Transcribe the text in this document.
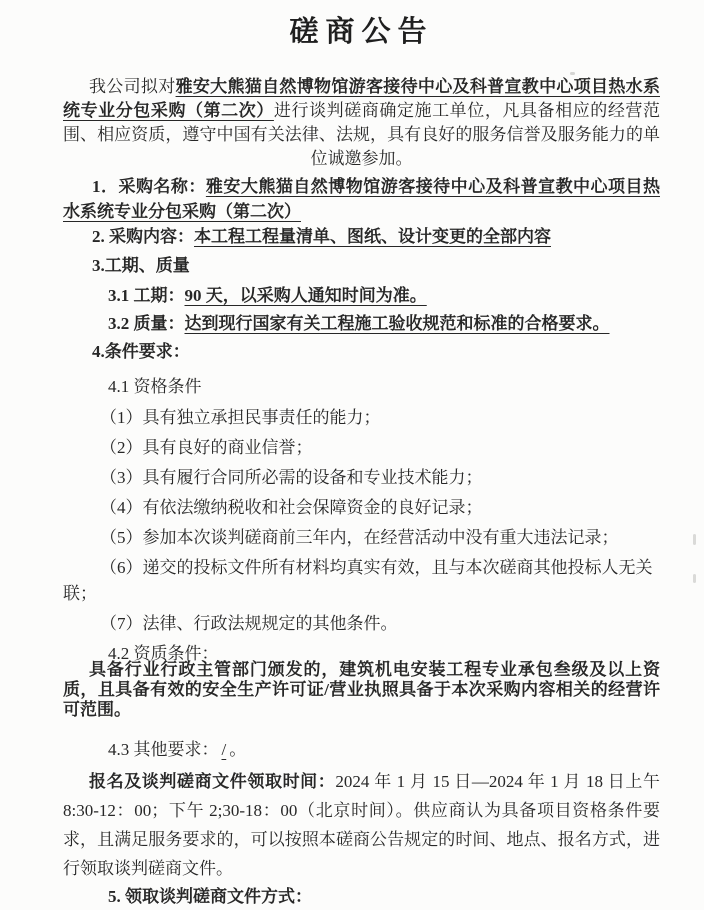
磋商公告
我公司拟对雅安大熊猫自然博物馆游客接待中心及科普宣教中心项目热水系统专业分包采购（第二次）进行谈判磋商确定施工单位，凡具备相应的经营范围、相应资质，遵守中国有关法律、法规，具有良好的服务信誉及服务能力的单位诚邀参加。
1．采购名称：雅安大熊猫自然博物馆游客接待中心及科普宣教中心项目热水系统专业分包采购（第二次）
2. 采购内容：本工程工程量清单、图纸、设计变更的全部内容
3.工期、质量
3.1 工期：90 天，以采购人通知时间为准。
3.2 质量：达到现行国家有关工程施工验收规范和标准的合格要求。
4.条件要求：
4.1 资格条件
（1）具有独立承担民事责任的能力；
（2）具有良好的商业信誉；
（3）具有履行合同所必需的设备和专业技术能力；
（4）有依法缴纳税收和社会保障资金的良好记录；
（5）参加本次谈判磋商前三年内，在经营活动中没有重大违法记录；
（6）递交的投标文件所有材料均真实有效，且与本次磋商其他投标人无关联；
（7）法律、行政法规规定的其他条件。
4.2 资质条件：
具备行业行政主管部门颁发的，建筑机电安装工程专业承包叁级及以上资质，且具备有效的安全生产许可证/营业执照具备于本次采购内容相关的经营许可范围。
4.3 其他要求： / 。
报名及谈判磋商文件领取时间：2024 年 1 月 15 日—2024 年 1 月 18 日上午 8:30-12：00；下午 2;30-18：00（北京时间）。供应商认为具备项目资格条件要求，且满足服务要求的，可以按照本磋商公告规定的时间、地点、报名方式，进行领取谈判磋商文件。
5. 领取谈判磋商文件方式：
